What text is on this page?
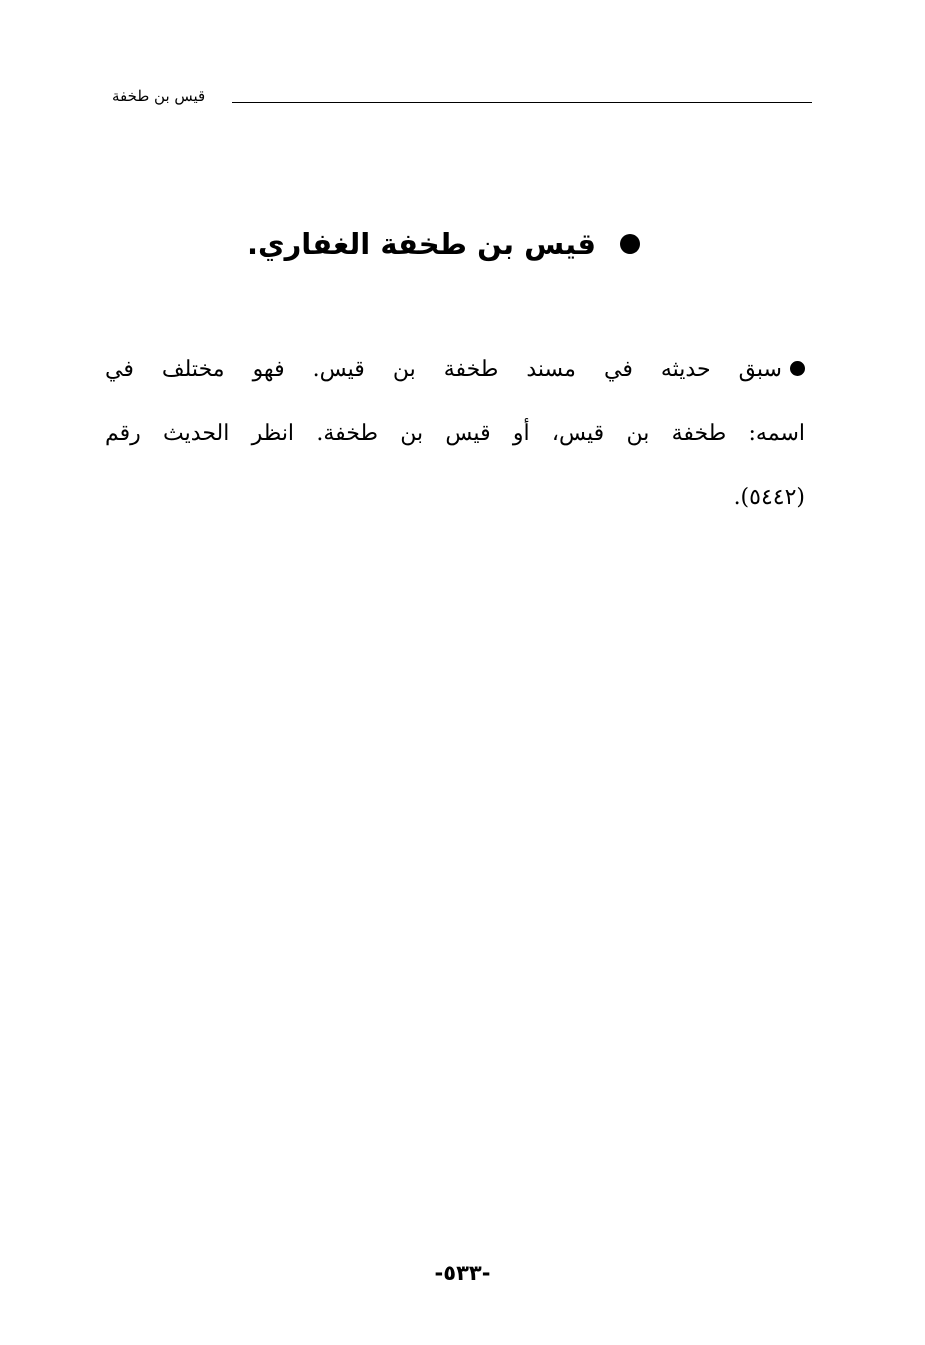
قيس بن طخفة
قيس بن طخفة الغفاري.
سبق حديثه في مسند طخفة بن قيس. فهو مختلف في
اسمه: طخفة بن قيس، أو قيس بن طخفة. انظر الحديث رقم
(٥٤٤٢).
-٥٣٣-
